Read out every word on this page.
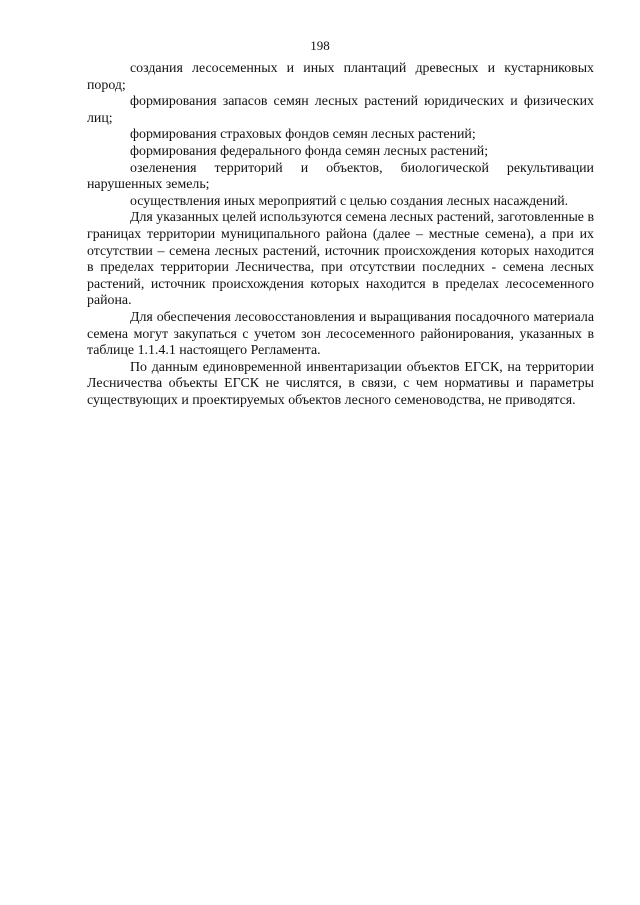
198

создания лесосеменных и иных плантаций древесных и кустарниковых пород;

формирования запасов семян лесных растений юридических и физических лиц;

формирования страховых фондов семян лесных растений;

формирования федерального фонда семян лесных растений;

озеленения территорий и объектов, биологической рекультивации нарушенных земель;

осуществления иных мероприятий с целью создания лесных насаждений.

Для указанных целей используются семена лесных растений, заготовленные в границах территории муниципального района (далее – местные семена), а при их отсутствии – семена лесных растений, источник происхождения которых находится в пределах территории Лесничества, при отсутствии последних - семена лесных растений, источник происхождения которых находится в пределах лесосеменного района.

Для обеспечения лесовосстановления и выращивания посадочного материала семена могут закупаться с учетом зон лесосеменного районирования, указанных в таблице 1.1.4.1 настоящего Регламента.

По данным единовременной инвентаризации объектов ЕГСК, на территории Лесничества объекты ЕГСК не числятся, в связи, с чем нормативы и параметры существующих и проектируемых объектов лесного семеноводства, не приводятся.
